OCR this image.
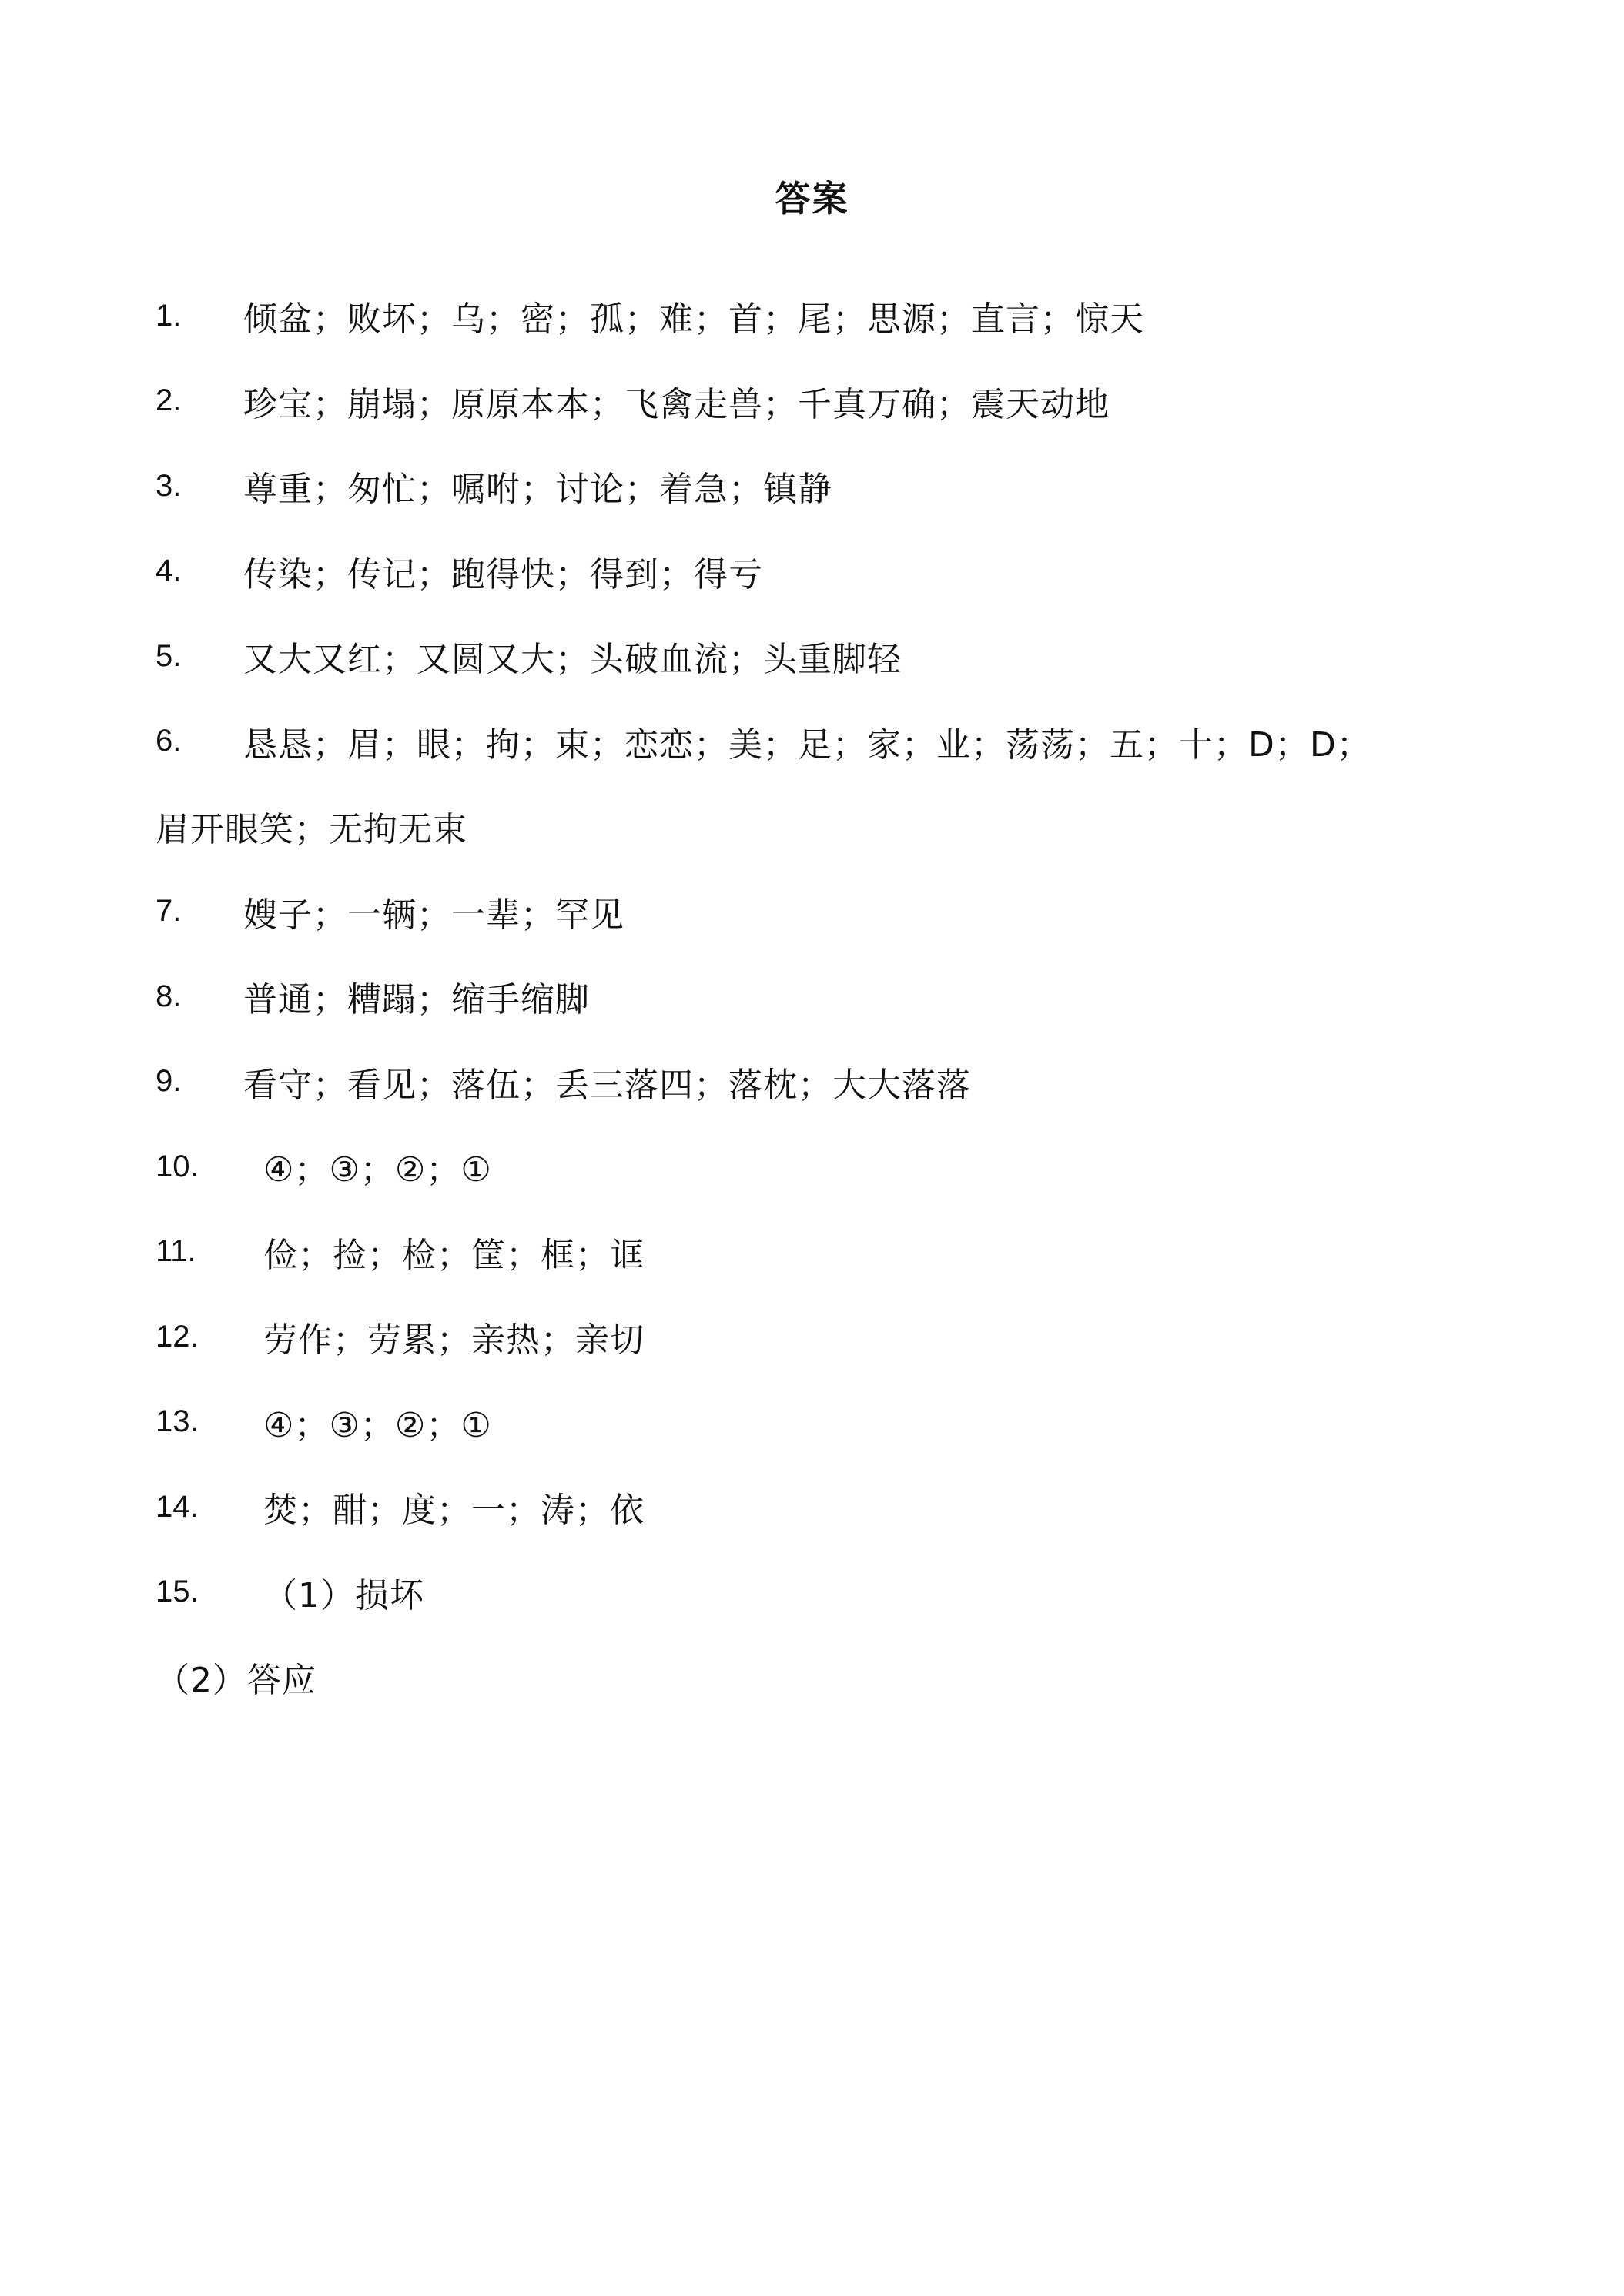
答案
1.	倾盆；败坏；乌；密；孤；难；首；尾；思源；直言；惊天
2.	珍宝；崩塌；原原本本；飞禽走兽；千真万确；震天动地
3.	尊重；匆忙；嘱咐；讨论；着急；镇静
4.	传染；传记；跑得快；得到；得亏
5.	又大又红；又圆又大；头破血流；头重脚轻
6.	恳恳；眉；眼；拘；束；恋恋；美；足；家；业；荡荡；五；十；D；D；
眉开眼笑；无拘无束
7.	嫂子；一辆；一辈；罕见
8.	普通；糟蹋；缩手缩脚
9.	看守；看见；落伍；丢三落四；落枕；大大落落
10.	④；③；②；①
11.	俭；捡；检；筐；框；诓
12.	劳作；劳累；亲热；亲切
13.	④；③；②；①
14.	焚；酣；度；一；涛；依
15.	（1）损坏
（2）答应
